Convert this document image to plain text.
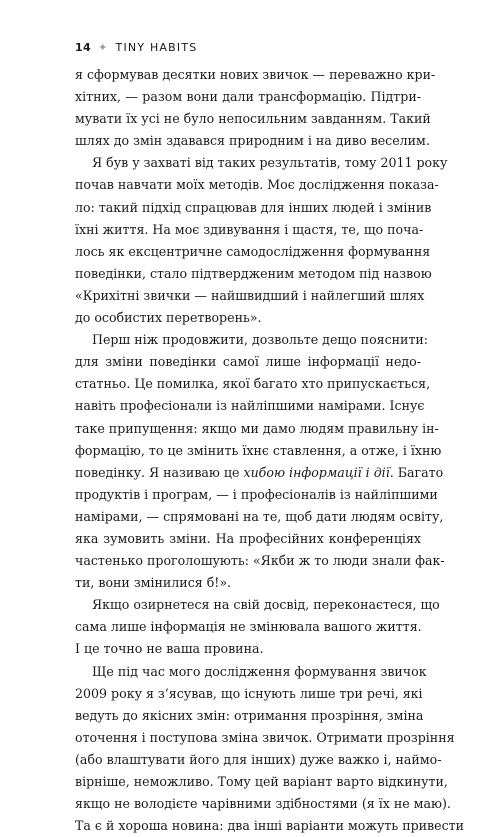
14 ✦ TINY HABITS
я сформував десятки нових звичок — переважно кри-
хітних, — разом вони дали трансформацію. Підтри-
мувати їх усі не було непосильним завданням. Такий
шлях до змін здавався природним і на диво веселим.
Я був у захваті від таких результатів, тому 2011 року
почав навчати моїх методів. Моє дослідження показа-
ло: такий підхід спрацював для інших людей і змінив
їхні життя. На моє здивування і щастя, те, що поча-
лось як ексцентричне самодослідження формування
поведінки, стало підтвердженим методом під назвою
«Крихітні звички — найшвидший і найлегший шлях
до особистих перетворень».
Перш ніж продовжити, дозвольте дещо пояснити:
для зміни поведінки самої лише інформації недо-
статньо. Це помилка, якої багато хто припускається,
навіть професіонали із найліпшими намірами. Існує
таке припущення: якщо ми дамо людям правильну ін-
формацію, то це змінить їхнє ставлення, а отже, і їхню
поведінку. Я називаю це хибою інформації і дії. Багато
продуктів і програм, — і професіоналів із найліпшими
намірами, — спрямовані на те, щоб дати людям освіту,
яка зумовить зміни. На професійних конференціях
частенько проголошують: «Якби ж то люди знали фак-
ти, вони змінилися б!».
Якщо озирнетеся на свій досвід, переконаєтеся, що
сама лише інформація не змінювала вашого життя.
І це точно не ваша провина.
Ще під час мого дослідження формування звичок
2009 року я з’ясував, що існують лише три речі, які
ведуть до якісних змін: отримання прозріння, зміна
оточення і поступова зміна звичок. Отримати прозріння
(або влаштувати його для інших) дуже важко і, наймо-
вірніше, неможливо. Тому цей варіант варто відкинути,
якщо не володієте чарівними здібностями (я їх не маю).
Та є й хороша новина: два інші варіанти можуть привести
